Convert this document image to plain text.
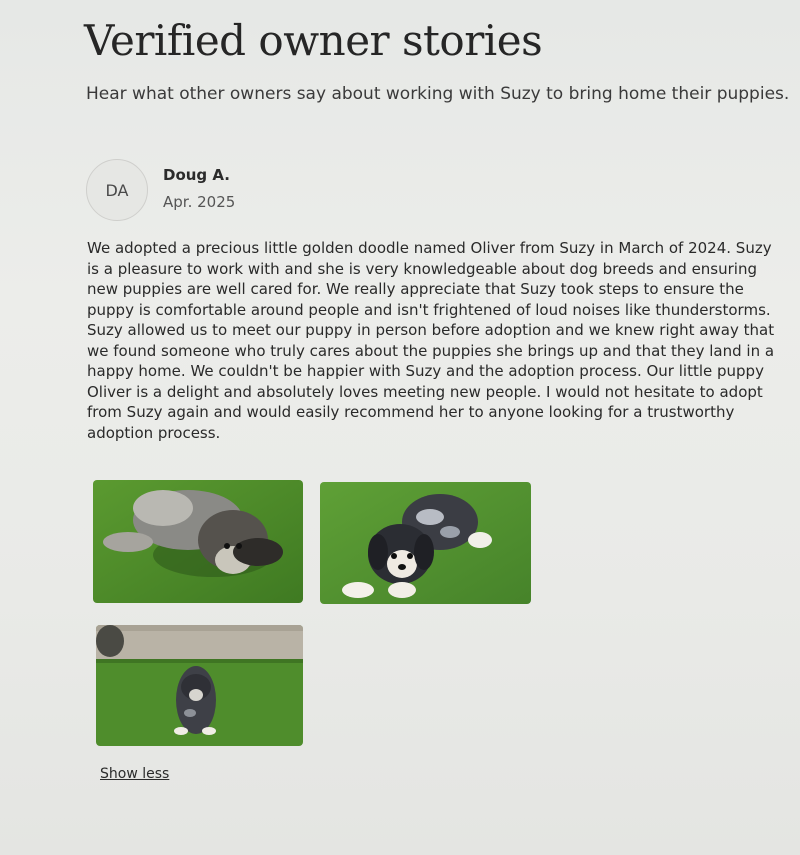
Verified owner stories

Hear what other owners say about working with Suzy to bring home their puppies.

DA
Doug A.
Apr. 2025

We adopted a precious little golden doodle named Oliver from Suzy in March of 2024. Suzy is a pleasure to work with and she is very knowledgeable about dog breeds and ensuring new puppies are well cared for. We really appreciate that Suzy took steps to ensure the puppy is comfortable around people and isn't frightened of loud noises like thunderstorms. Suzy allowed us to meet our puppy in person before adoption and we knew right away that we found someone who truly cares about the puppies she brings up and that they land in a happy home. We couldn't be happier with Suzy and the adoption process. Our little puppy Oliver is a delight and absolutely loves meeting new people. I would not hesitate to adopt from Suzy again and would easily recommend her to anyone looking for a trustworthy adoption process.

Show less
